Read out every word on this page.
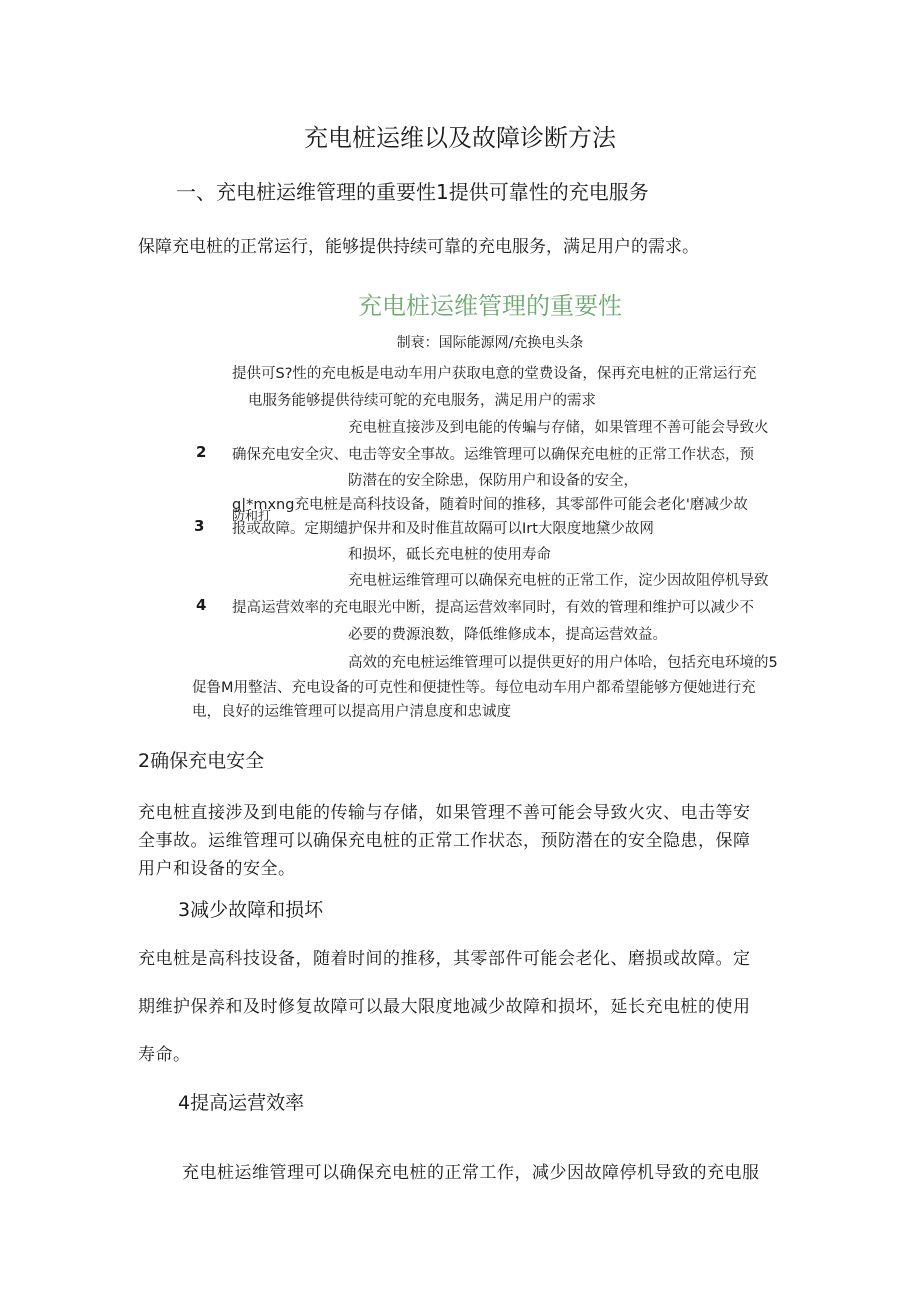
充电桩运维以及故障诊断方法
一、充电桩运维管理的重要性1提供可靠性的充电服务
保障充电桩的正常运行，能够提供持续可靠的充电服务，满足用户的需求。
充电桩运维管理的重要性
制衰：国际能源网/充换电头条
提供可S?性的充电板是电动车用户获取电意的堂费设备，保再充电桩的正常运行充
电服务能够提供待续可鸵的充电服务，满足用户的需求
充电桩直接涉及到电能的传蝙与存储，如果管理不善可能会导致火
2 确保充电安全灾、电击等安全事故。运维管理可以确保充电桩的正常工作状态，预
防潜在的安全除患，保防用户和设备的安全，
g|*mxng充电桩是高科技设备，随着时间的推移，其零部件可能会老化'磨减少故
防和打
3 报或故障。定期缱护保井和及时倠苴故隔可以Irt大限度地黛少故网
和损坏，砥长充电桩的使用寿命
充电桩运维管理可以确保充电桩的正常工作，淀少因故阻停机导致
4 提高运营效率的充电眼光中断，提高运营效率同时，有效的管理和维护可以减少不
必要的费源浪数，降低维修成本，提高运营效益。
高效的充电桩运维管理可以提供更好的用户体哈，包括充电环境的5
促鲁M用整洁、充电设备的可克性和便捷性等。每位电动车用户都希望能够方便她进行充
电，良好的运维管理可以提高用户清息度和忠诚度
2确保充电安全
充电桩直接涉及到电能的传输与存储，如果管理不善可能会导致火灾、电击等安
全事故。运维管理可以确保充电桩的正常工作状态，预防潜在的安全隐患，保障
用户和设备的安全。
3减少故障和损坏
充电桩是高科技设备，随着时间的推移，其零部件可能会老化、磨损或故障。定
期维护保养和及时修复故障可以最大限度地减少故障和损坏，延长充电桩的使用
寿命。
4提高运营效率
充电桩运维管理可以确保充电桩的正常工作，减少因故障停机导致的充电服
